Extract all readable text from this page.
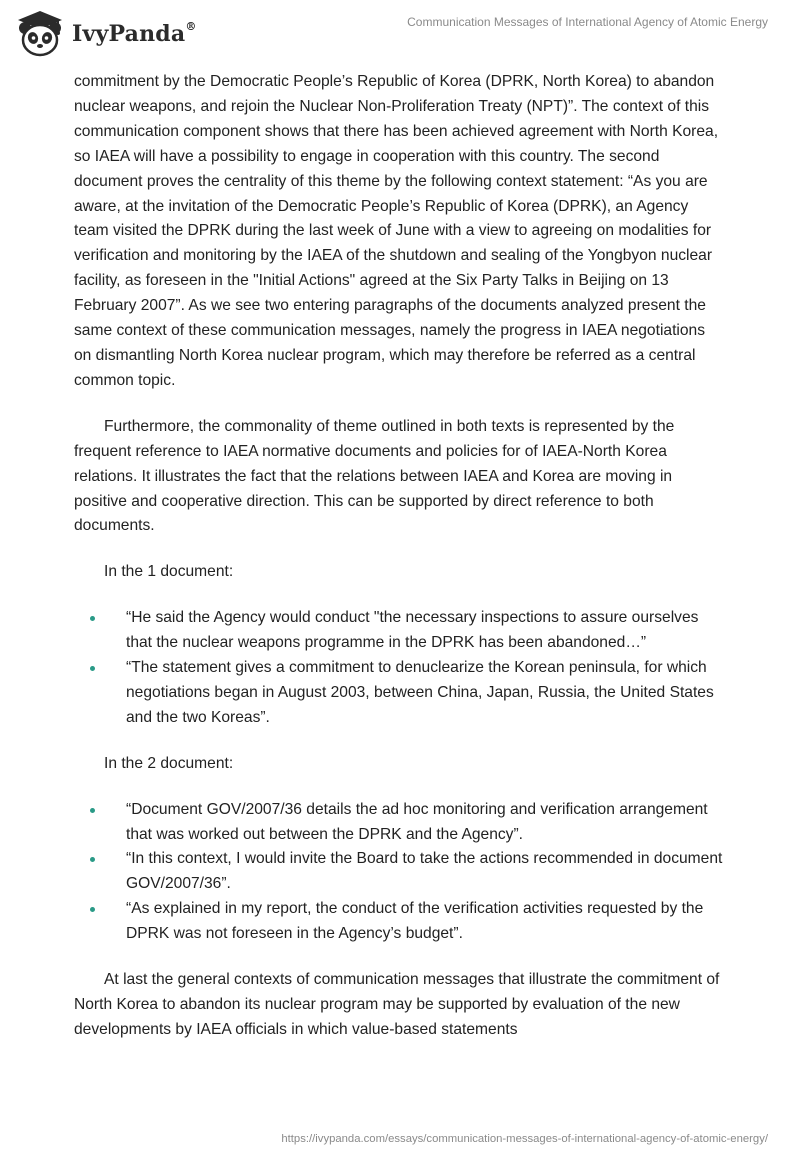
IvyPanda®	Communication Messages of International Agency of Atomic Energy

commitment by the Democratic People’s Republic of Korea (DPRK, North Korea) to abandon nuclear weapons, and rejoin the Nuclear Non-Proliferation Treaty (NPT)”. The context of this communication component shows that there has been achieved agreement with North Korea, so IAEA will have a possibility to engage in cooperation with this country. The second document proves the centrality of this theme by the following context statement: “As you are aware, at the invitation of the Democratic People’s Republic of Korea (DPRK), an Agency team visited the DPRK during the last week of June with a view to agreeing on modalities for verification and monitoring by the IAEA of the shutdown and sealing of the Yongbyon nuclear facility, as foreseen in the "Initial Actions" agreed at the Six Party Talks in Beijing on 13 February 2007”. As we see two entering paragraphs of the documents analyzed present the same context of these communication messages, namely the progress in IAEA negotiations on dismantling North Korea nuclear program, which may therefore be referred as a central common topic.

Furthermore, the commonality of theme outlined in both texts is represented by the frequent reference to IAEA normative documents and policies for of IAEA-North Korea relations. It illustrates the fact that the relations between IAEA and Korea are moving in positive and cooperative direction. This can be supported by direct reference to both documents.

In the 1 document:

“He said the Agency would conduct "the necessary inspections to assure ourselves that the nuclear weapons programme in the DPRK has been abandoned…”
“The statement gives a commitment to denuclearize the Korean peninsula, for which negotiations began in August 2003, between China, Japan, Russia, the United States and the two Koreas”.

In the 2 document:

“Document GOV/2007/36 details the ad hoc monitoring and verification arrangement that was worked out between the DPRK and the Agency”.
“In this context, I would invite the Board to take the actions recommended in document GOV/2007/36”.
“As explained in my report, the conduct of the verification activities requested by the DPRK was not foreseen in the Agency’s budget”.

At last the general contexts of communication messages that illustrate the commitment of North Korea to abandon its nuclear program may be supported by evaluation of the new developments by IAEA officials in which value-based statements

https://ivypanda.com/essays/communication-messages-of-international-agency-of-atomic-energy/
